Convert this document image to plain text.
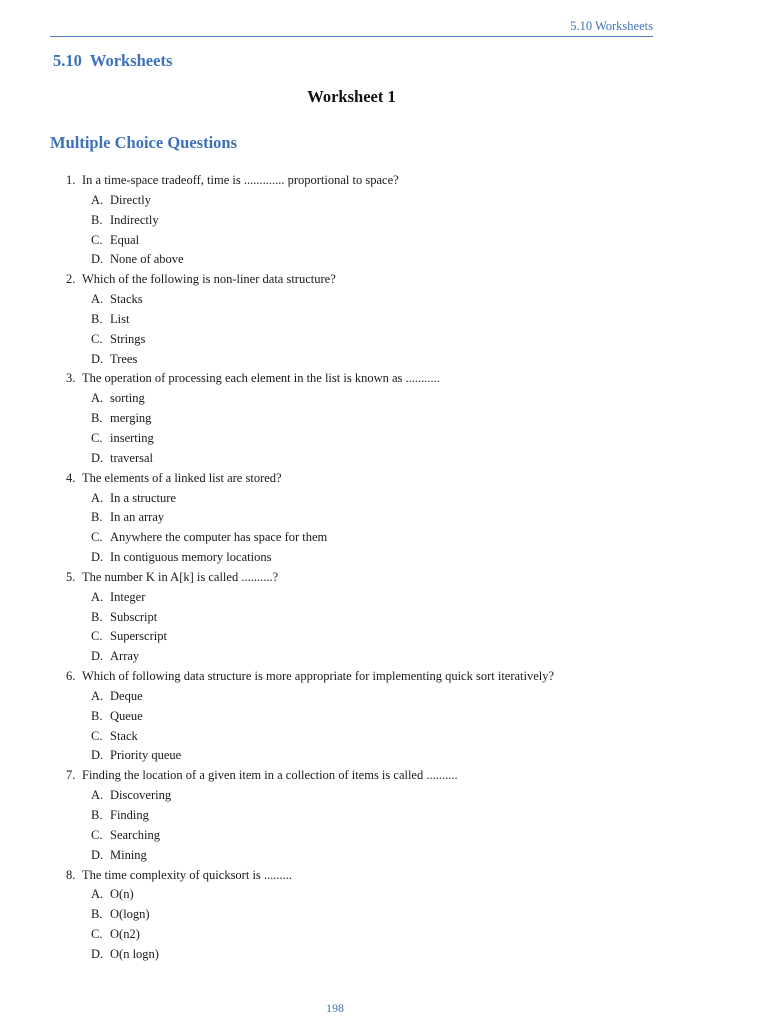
5.10 Worksheets
5.10 Worksheets
Worksheet 1
Multiple Choice Questions
1. In a time-space tradeoff, time is ............. proportional to space?
A. Directly
B. Indirectly
C. Equal
D. None of above
2. Which of the following is non-liner data structure?
A. Stacks
B. List
C. Strings
D. Trees
3. The operation of processing each element in the list is known as ...........
A. sorting
B. merging
C. inserting
D. traversal
4. The elements of a linked list are stored?
A. In a structure
B. In an array
C. Anywhere the computer has space for them
D. In contiguous memory locations
5. The number K in A[k] is called ..........?
A. Integer
B. Subscript
C. Superscript
D. Array
6. Which of following data structure is more appropriate for implementing quick sort iteratively?
A. Deque
B. Queue
C. Stack
D. Priority queue
7. Finding the location of a given item in a collection of items is called ..........
A. Discovering
B. Finding
C. Searching
D. Mining
8. The time complexity of quicksort is .........
A. O(n)
B. O(logn)
C. O(n2)
D. O(n logn)
198
